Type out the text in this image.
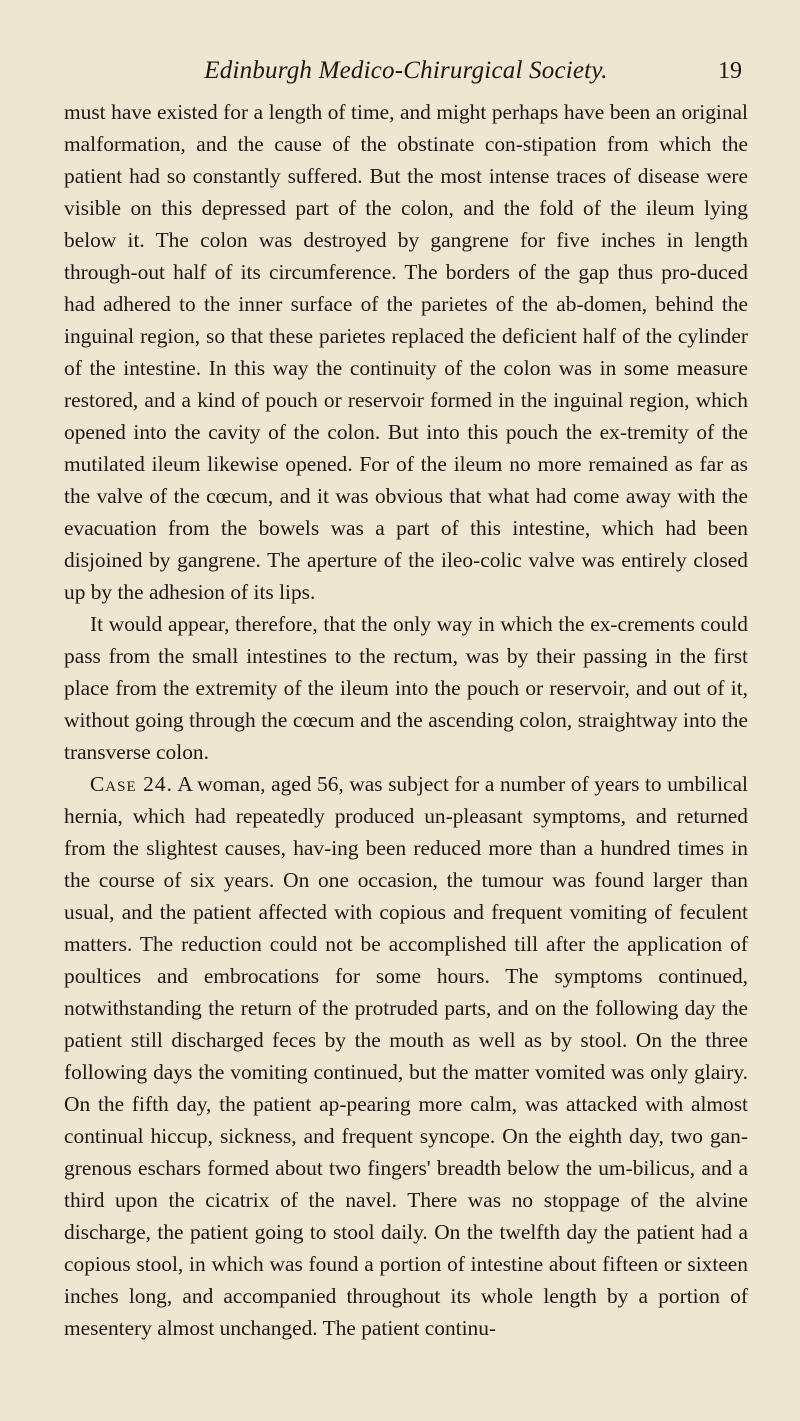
Edinburgh Medico-Chirurgical Society.	19

must have existed for a length of time, and might perhaps have been an original malformation, and the cause of the obstinate con-stipation from which the patient had so constantly suffered. But the most intense traces of disease were visible on this depressed part of the colon, and the fold of the ileum lying below it. The colon was destroyed by gangrene for five inches in length through-out half of its circumference. The borders of the gap thus pro-duced had adhered to the inner surface of the parietes of the ab-domen, behind the inguinal region, so that these parietes replaced the deficient half of the cylinder of the intestine. In this way the continuity of the colon was in some measure restored, and a kind of pouch or reservoir formed in the inguinal region, which opened into the cavity of the colon. But into this pouch the ex-tremity of the mutilated ileum likewise opened. For of the ileum no more remained as far as the valve of the cœcum, and it was obvious that what had come away with the evacuation from the bowels was a part of this intestine, which had been disjoined by gangrene. The aperture of the ileo-colic valve was entirely closed up by the adhesion of its lips.

It would appear, therefore, that the only way in which the ex-crements could pass from the small intestines to the rectum, was by their passing in the first place from the extremity of the ileum into the pouch or reservoir, and out of it, without going through the cœcum and the ascending colon, straightway into the transverse colon.

Case 24. A woman, aged 56, was subject for a number of years to umbilical hernia, which had repeatedly produced un-pleasant symptoms, and returned from the slightest causes, hav-ing been reduced more than a hundred times in the course of six years. On one occasion, the tumour was found larger than usual, and the patient affected with copious and frequent vomiting of feculent matters. The reduction could not be accomplished till after the application of poultices and embrocations for some hours. The symptoms continued, notwithstanding the return of the protruded parts, and on the following day the patient still discharged feces by the mouth as well as by stool. On the three following days the vomiting continued, but the matter vomited was only glairy. On the fifth day, the patient ap-pearing more calm, was attacked with almost continual hiccup, sickness, and frequent syncope. On the eighth day, two gan-grenous eschars formed about two fingers' breadth below the um-bilicus, and a third upon the cicatrix of the navel. There was no stoppage of the alvine discharge, the patient going to stool daily. On the twelfth day the patient had a copious stool, in which was found a portion of intestine about fifteen or sixteen inches long, and accompanied throughout its whole length by a portion of mesentery almost unchanged. The patient continu-
